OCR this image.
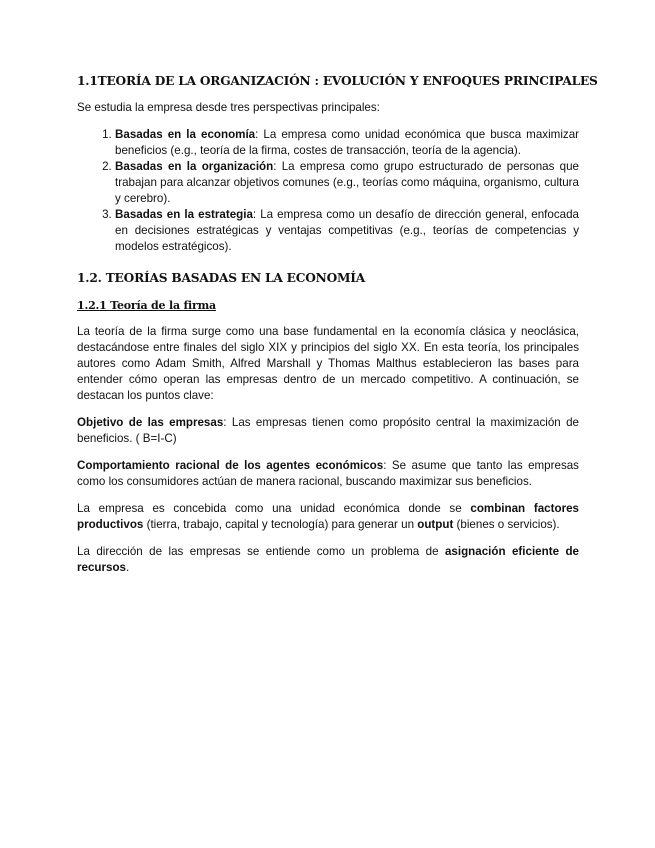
1.1TEORÍA DE LA ORGANIZACIÓN : EVOLUCIÓN Y ENFOQUES PRINCIPALES

Se estudia la empresa desde tres perspectivas principales:

1. Basadas en la economía: La empresa como unidad económica que busca maximizar beneficios (e.g., teoría de la firma, costes de transacción, teoría de la agencia).
2. Basadas en la organización: La empresa como grupo estructurado de personas que trabajan para alcanzar objetivos comunes (e.g., teorías como máquina, organismo, cultura y cerebro).
3. Basadas en la estrategia: La empresa como un desafío de dirección general, enfocada en decisiones estratégicas y ventajas competitivas (e.g., teorías de competencias y modelos estratégicos).
1.2. TEORÍAS BASADAS EN LA ECONOMÍA
1.2.1 Teoría de la firma

La teoría de la firma surge como una base fundamental en la economía clásica y neoclásica, destacándose entre finales del siglo XIX y principios del siglo XX. En esta teoría, los principales autores como Adam Smith, Alfred Marshall y Thomas Malthus establecieron las bases para entender cómo operan las empresas dentro de un mercado competitivo. A continuación, se destacan los puntos clave:

Objetivo de las empresas: Las empresas tienen como propósito central la maximización de beneficios. ( B=I-C)

Comportamiento racional de los agentes económicos: Se asume que tanto las empresas como los consumidores actúan de manera racional, buscando maximizar sus beneficios.

La empresa es concebida como una unidad económica donde se combinan factores productivos (tierra, trabajo, capital y tecnología) para generar un output (bienes o servicios).

La dirección de las empresas se entiende como un problema de asignación eficiente de recursos.
